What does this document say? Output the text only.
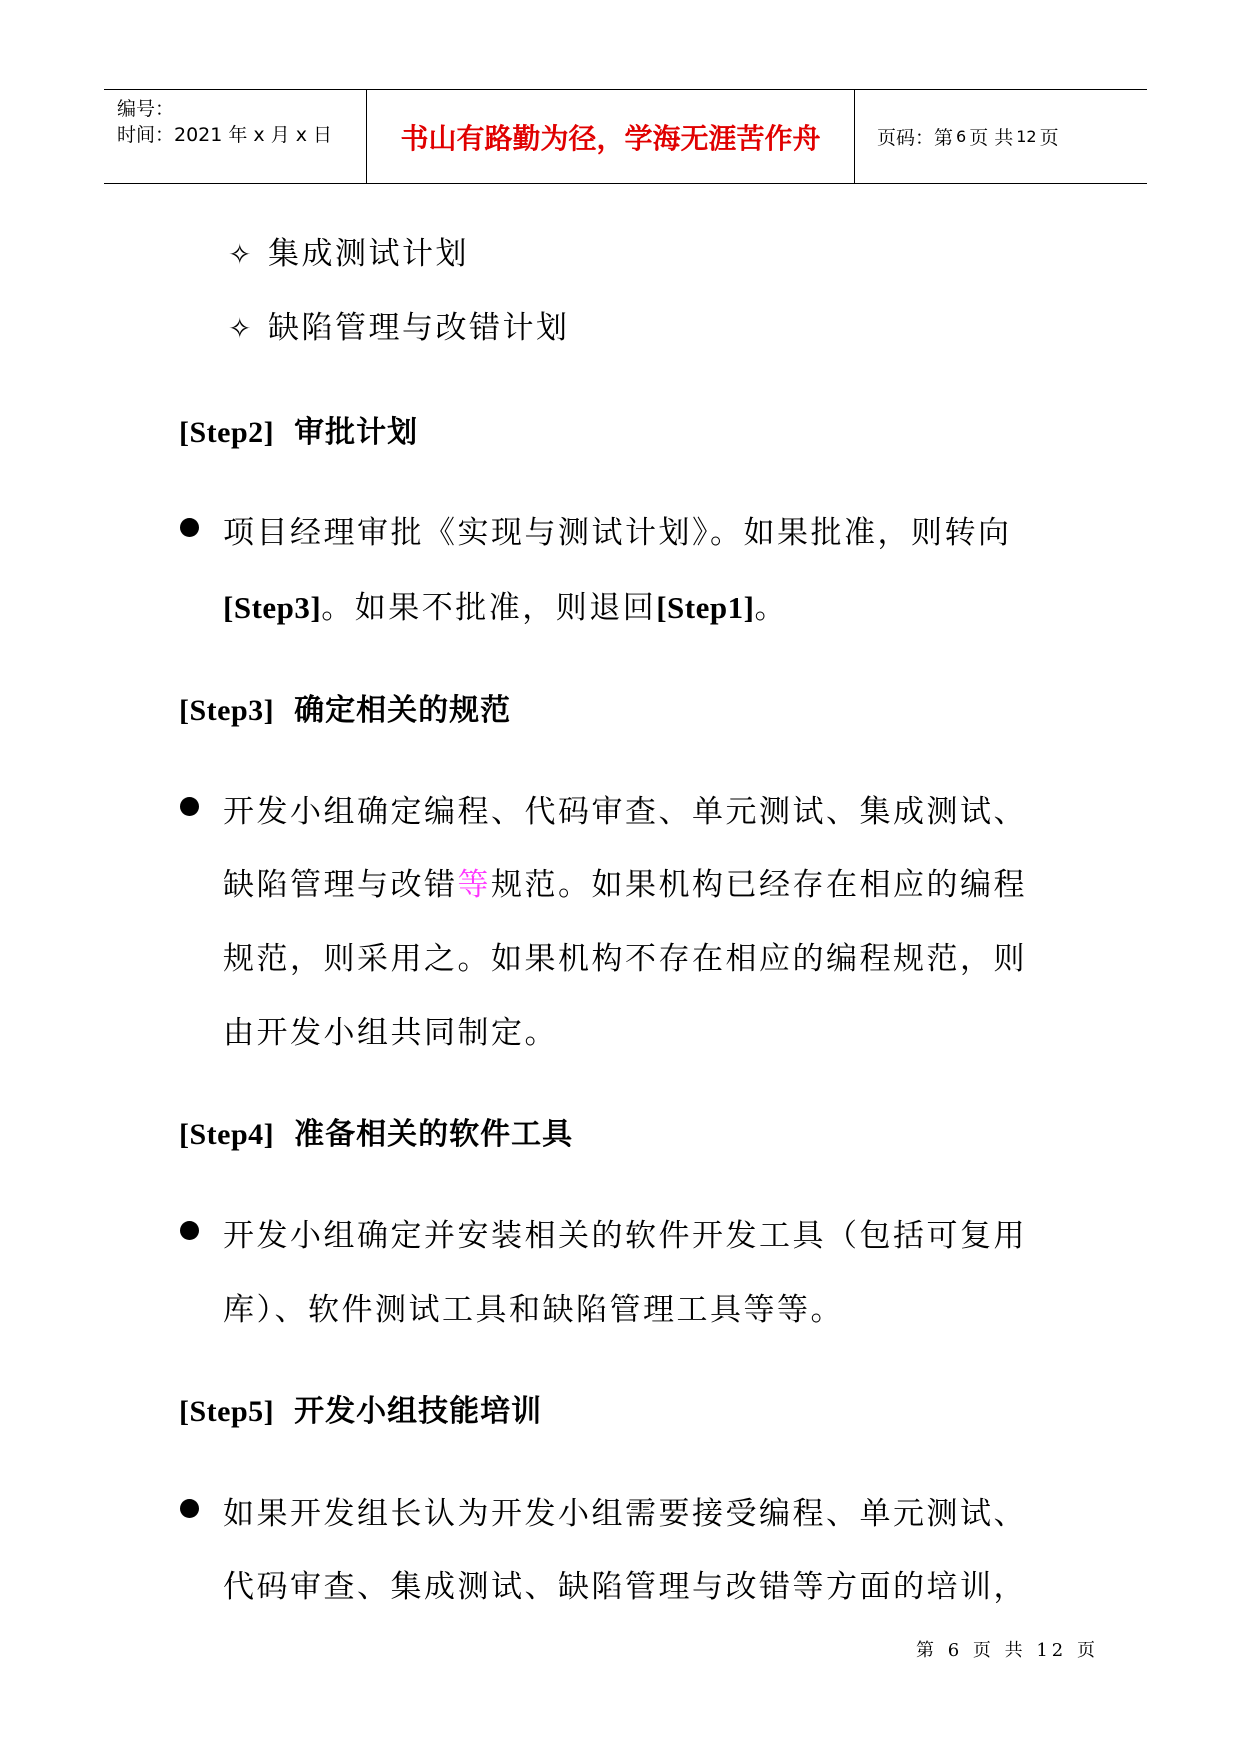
编号：
时间：2021 年 x 月 x 日	书山有路勤为径，学海无涯苦作舟	页码：第 6 页 共 12 页
✧ 集成测试计划
✧ 缺陷管理与改错计划
[Step2] 审批计划
项目经理审批《实现与测试计划》。如果批准，则转向
[Step3]。如果不批准，则退回[Step1]。
[Step3] 确定相关的规范
开发小组确定编程、代码审查、单元测试、集成测试、
缺陷管理与改错等规范。如果机构已经存在相应的编程
规范，则采用之。如果机构不存在相应的编程规范，则
由开发小组共同制定。
[Step4] 准备相关的软件工具
开发小组确定并安装相关的软件开发工具（包括可复用
库）、软件测试工具和缺陷管理工具等等。
[Step5] 开发小组技能培训
如果开发组长认为开发小组需要接受编程、单元测试、
代码审查、集成测试、缺陷管理与改错等方面的培训，
第 6 页 共 12 页
